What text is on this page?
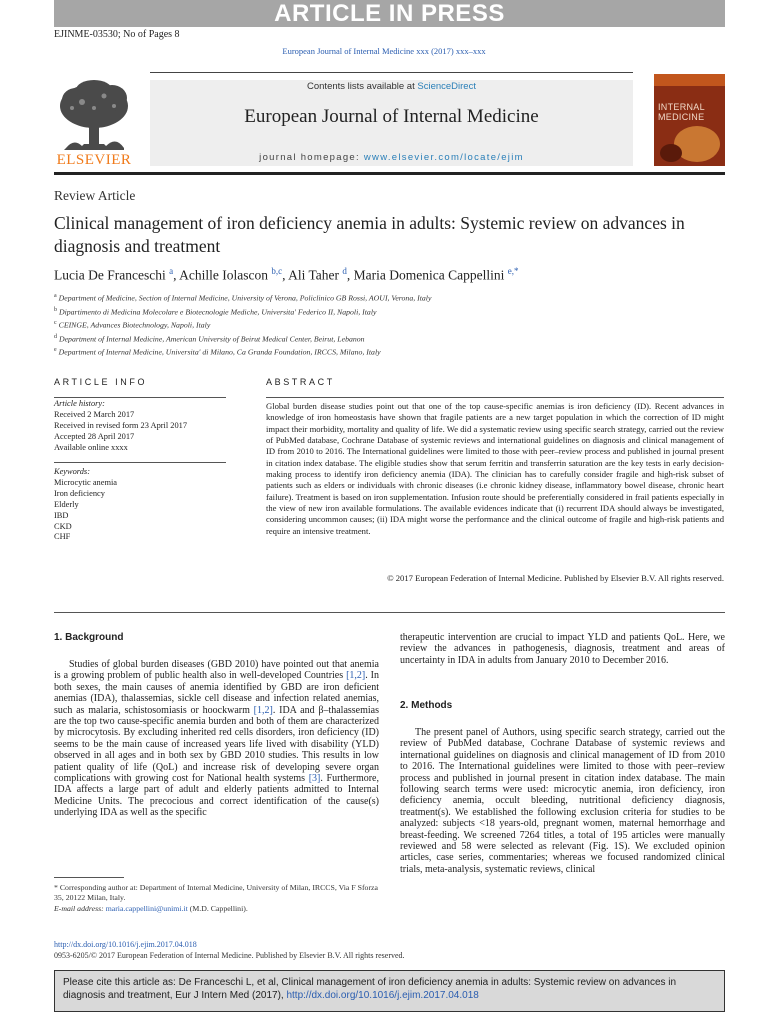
ARTICLE IN PRESS
EJINME-03530; No of Pages 8
European Journal of Internal Medicine xxx (2017) xxx–xxx
ELSEVIER
Contents lists available at ScienceDirect
European Journal of Internal Medicine
journal homepage: www.elsevier.com/locate/ejim
INTERNAL
MEDICINE
Review Article
Clinical management of iron deficiency anemia in adults: Systemic review on advances in diagnosis and treatment
Lucia De Franceschi $^a$, Achille Iolascon $^{b,c}$, Ali Taher $^d$, Maria Domenica Cappellini $^{e,*}$
$^a$ Department of Medicine, Section of Internal Medicine, University of Verona, Policlinico GB Rossi, AOUI, Verona, Italy
$^b$ Dipartimento di Medicina Molecolare e Biotecnologie Mediche, Universita' Federico II, Napoli, Italy
$^c$ CEINGE, Advances Biotechnology, Napoli, Italy
$^d$ Department of Internal Medicine, American University of Beirut Medical Center, Beirut, Lebanon
$^e$ Department of Internal Medicine, Universita' di Milano, Ca Granda Foundation, IRCCS, Milano, Italy
ARTICLE INFO	ABSTRACT
Article history:
Received 2 March 2017
Received in revised form 23 April 2017
Accepted 28 April 2017
Available online xxxx
Keywords:
Microcytic anemia
Iron deficiency
Elderly
IBD
CKD
CHF
Global burden disease studies point out that one of the top cause-specific anemias is iron deficiency (ID). Recent advances in knowledge of iron homeostasis have shown that fragile patients are a new target population in which the correction of ID might impact their morbidity, mortality and quality of life. We did a systematic review using specific search strategy, carried out the review of PubMed database, Cochrane Database of systemic reviews and international guidelines on diagnosis and clinical management of ID from 2010 to 2016. The International guidelines were limited to those with peer–review process and published in journal present in citation index database. The eligible studies show that serum ferritin and transferrin saturation are the key tests in early decision-making process to identify iron deficiency anemia (IDA). The clinician has to carefully consider fragile and high-risk subset of patients such as elders or individuals with chronic diseases (i.e chronic kidney disease, inflammatory bowel disease, chronic heart failure). Treatment is based on iron supplementation. Infusion route should be preferentially considered in frail patients especially in the view of new iron available formulations. The available evidences indicate that (i) recurrent IDA should always be investigated, considering uncommon causes; (ii) IDA might worse the performance and the clinical outcome of fragile and high-risk patients and require an intensive treatment.
© 2017 European Federation of Internal Medicine. Published by Elsevier B.V. All rights reserved.
1. Background

Studies of global burden diseases (GBD 2010) have pointed out that anemia is a growing problem of public health also in well-developed Countries [1,2]. In both sexes, the main causes of anemia identified by GBD are iron deficient anemias (IDA), thalassemias, sickle cell disease and infection related anemias, such as malaria, schistosomiasis or hoockwarm [1,2]. IDA and β–thalassemias are the top two cause-specific anemia burden and both of them are characterized by microcytosis. By excluding inherited red cells disorders, iron deficiency (ID) seems to be the main cause of increased years life lived with disability (YLD) observed in all ages and in both sex by GBD 2010 studies. This results in low patient quality of life (QoL) and increase risk of developing severe organ complications with growing cost for National health systems [3]. Furthermore, IDA affects a large part of adult and elderly patients admitted to Internal Medicine Units. The precocious and correct identification of the cause(s) underlying IDA as well as the specific

therapeutic intervention are crucial to impact YLD and patients QoL. Here, we review the advances in pathogenesis, diagnosis, treatment and areas of uncertainty in IDA in adults from January 2010 to December 2016.
2. Methods

The present panel of Authors, using specific search strategy, carried out the review of PubMed database, Cochrane Database of systemic reviews and international guidelines on diagnosis and clinical management of ID from 2010 to 2016. The International guidelines were limited to those with peer–review process and published in journal present in citation index database. The main following search terms were used: microcytic anemia, iron deficiency, iron deficiency anemia, occult bleeding, nutritional deficiency diagnosis, treatment(s). We established the following exclusion criteria for studies to be analyzed: subjects <18 years-old, pregnant women, maternal hemorrhage and breast-feeding. We screened 7264 titles, a total of 195 articles were manually reviewed and 58 were selected as relevant (Fig. 1S). We excluded opinion articles, case series, commentaries; whereas we focused randomized clinical trials, meta-analysis, systematic reviews, clinical

* Corresponding author at: Department of Internal Medicine, University of Milan, IRCCS, Via F Sforza 35, 20122 Milan, Italy.
E-mail address: maria.cappellini@unimi.it (M.D. Cappellini).
http://dx.doi.org/10.1016/j.ejim.2017.04.018
0953-6205/© 2017 European Federation of Internal Medicine. Published by Elsevier B.V. All rights reserved.
Please cite this article as: De Franceschi L, et al, Clinical management of iron deficiency anemia in adults: Systemic review on advances in diagnosis and treatment, Eur J Intern Med (2017), http://dx.doi.org/10.1016/j.ejim.2017.04.018
